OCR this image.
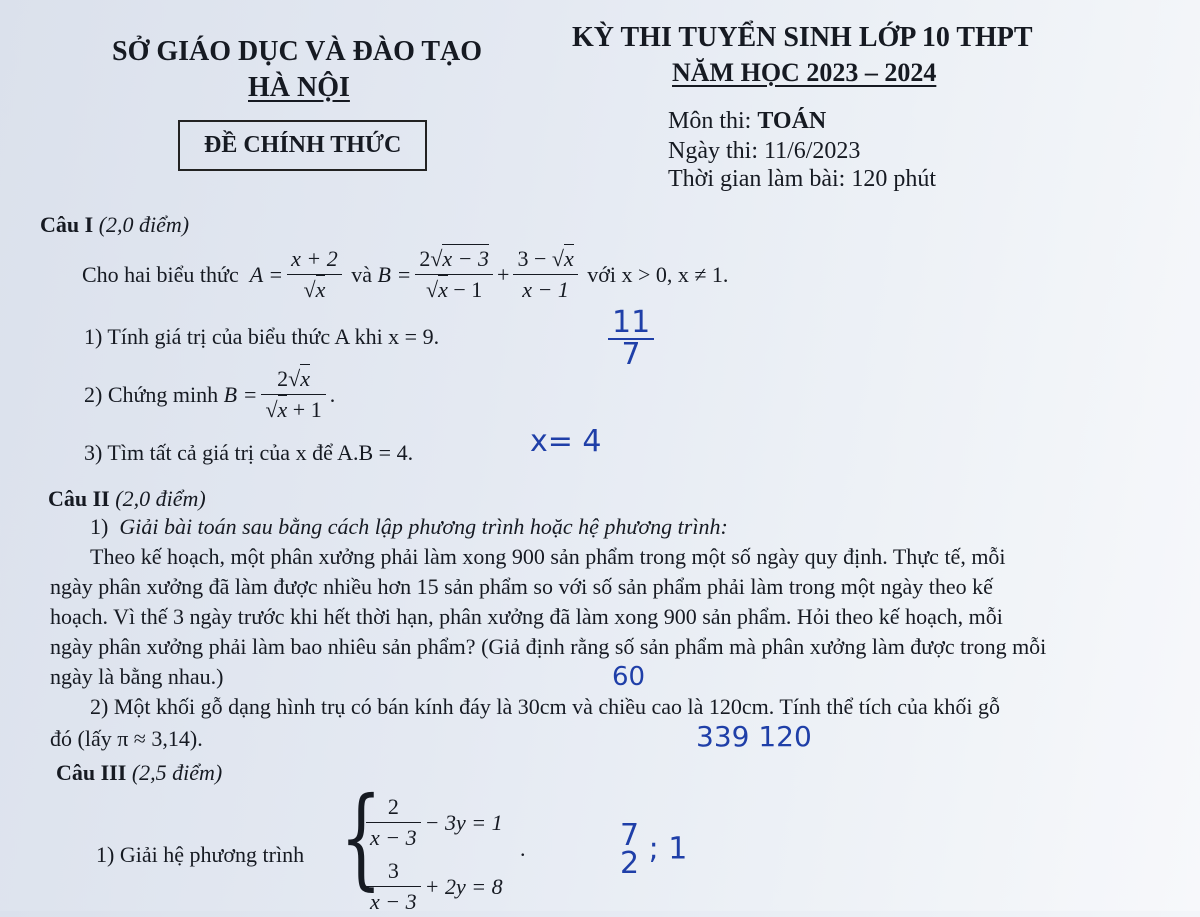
SỞ GIÁO DỤC VÀ ĐÀO TẠO
HÀ NỘI
ĐỀ CHÍNH THỨC
KỲ THI TUYỂN SINH LỚP 10 THPT
NĂM HỌC 2023 – 2024
Môn thi: TOÁN
Ngày thi: 11/6/2023
Thời gian làm bài: 120 phút
Câu I (2,0 điểm)
Cho hai biểu thức
$A = \frac{x + 2}{√x}$
và
$B = \frac{2√x - 3}{√x - 1} + \frac{3 - √x}{x - 1}$
với x > 0, x ≠ 1.
1) Tính giá trị của biểu thức A khi x = 9.
2) Chứng minh
$B = \frac{2√x}{√x + 1}$ .
3) Tìm tất cả giá trị của x để A.B = 4.
Câu II (2,0 điểm)
1) Giải bài toán sau bằng cách lập phương trình hoặc hệ phương trình:
Theo kế hoạch, một phân xưởng phải làm xong 900 sản phẩm trong một số ngày quy định. Thực tế, mỗi
ngày phân xưởng đã làm được nhiều hơn 15 sản phẩm so với số sản phẩm phải làm trong một ngày theo kế
hoạch. Vì thế 3 ngày trước khi hết thời hạn, phân xưởng đã làm xong 900 sản phẩm. Hỏi theo kế hoạch, mỗi
ngày phân xưởng phải làm bao nhiêu sản phẩm? (Giả định rằng số sản phẩm mà phân xưởng làm được trong mỗi
ngày là bằng nhau.)
2) Một khối gỗ dạng hình trụ có bán kính đáy là 30cm và chiều cao là 120cm. Tính thể tích của khối gỗ
đó (lấy π ≈ 3,14).
Câu III (2,5 điểm)
1) Giải hệ phương trình {
$\frac{2}{x - 3} - 3y = 1$
$\frac{3}{x - 3} + 2y = 8$
.
11
7
x= 4
60
339 120
7
2 ; 1
